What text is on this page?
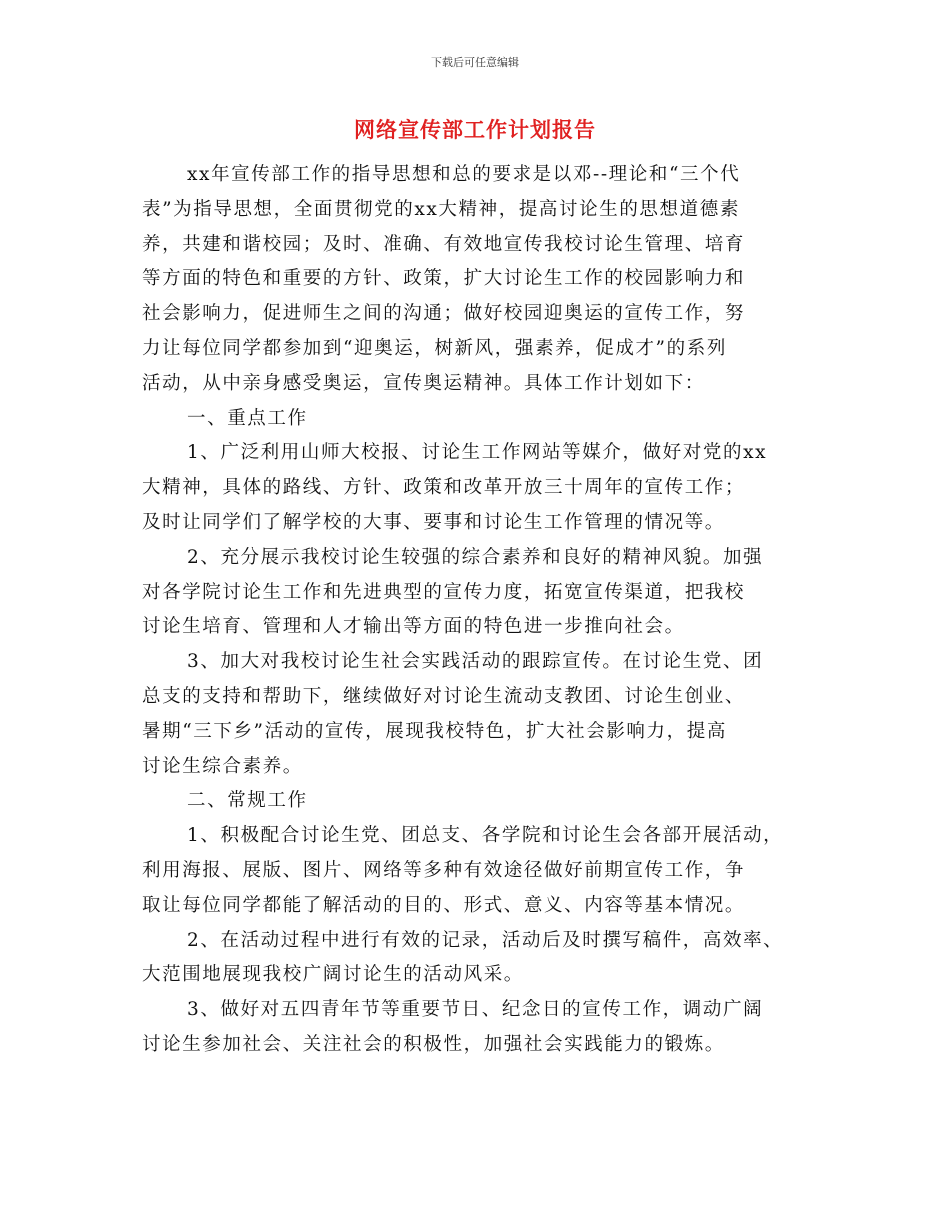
下载后可任意编辑
网络宣传部工作计划报告
xx年宣传部工作的指导思想和总的要求是以邓--理论和“三个代
表”为指导思想，全面贯彻党的xx大精神，提高讨论生的思想道德素
养，共建和谐校园；及时、准确、有效地宣传我校讨论生管理、培育
等方面的特色和重要的方针、政策，扩大讨论生工作的校园影响力和
社会影响力，促进师生之间的沟通；做好校园迎奥运的宣传工作，努
力让每位同学都参加到“迎奥运，树新风，强素养，促成才”的系列
活动，从中亲身感受奥运，宣传奥运精神。具体工作计划如下：
一、重点工作
1、广泛利用山师大校报、讨论生工作网站等媒介，做好对党的xx
大精神，具体的路线、方针、政策和改革开放三十周年的宣传工作；
及时让同学们了解学校的大事、要事和讨论生工作管理的情况等。
2、充分展示我校讨论生较强的综合素养和良好的精神风貌。加强
对各学院讨论生工作和先进典型的宣传力度，拓宽宣传渠道，把我校
讨论生培育、管理和人才输出等方面的特色进一步推向社会。
3、加大对我校讨论生社会实践活动的跟踪宣传。在讨论生党、团
总支的支持和帮助下，继续做好对讨论生流动支教团、讨论生创业、
暑期“三下乡”活动的宣传，展现我校特色，扩大社会影响力，提高
讨论生综合素养。
二、常规工作
1、积极配合讨论生党、团总支、各学院和讨论生会各部开展活动，
利用海报、展版、图片、网络等多种有效途径做好前期宣传工作，争
取让每位同学都能了解活动的目的、形式、意义、内容等基本情况。
2、在活动过程中进行有效的记录，活动后及时撰写稿件，高效率、
大范围地展现我校广阔讨论生的活动风采。
3、做好对五四青年节等重要节日、纪念日的宣传工作，调动广阔
讨论生参加社会、关注社会的积极性，加强社会实践能力的锻炼。
